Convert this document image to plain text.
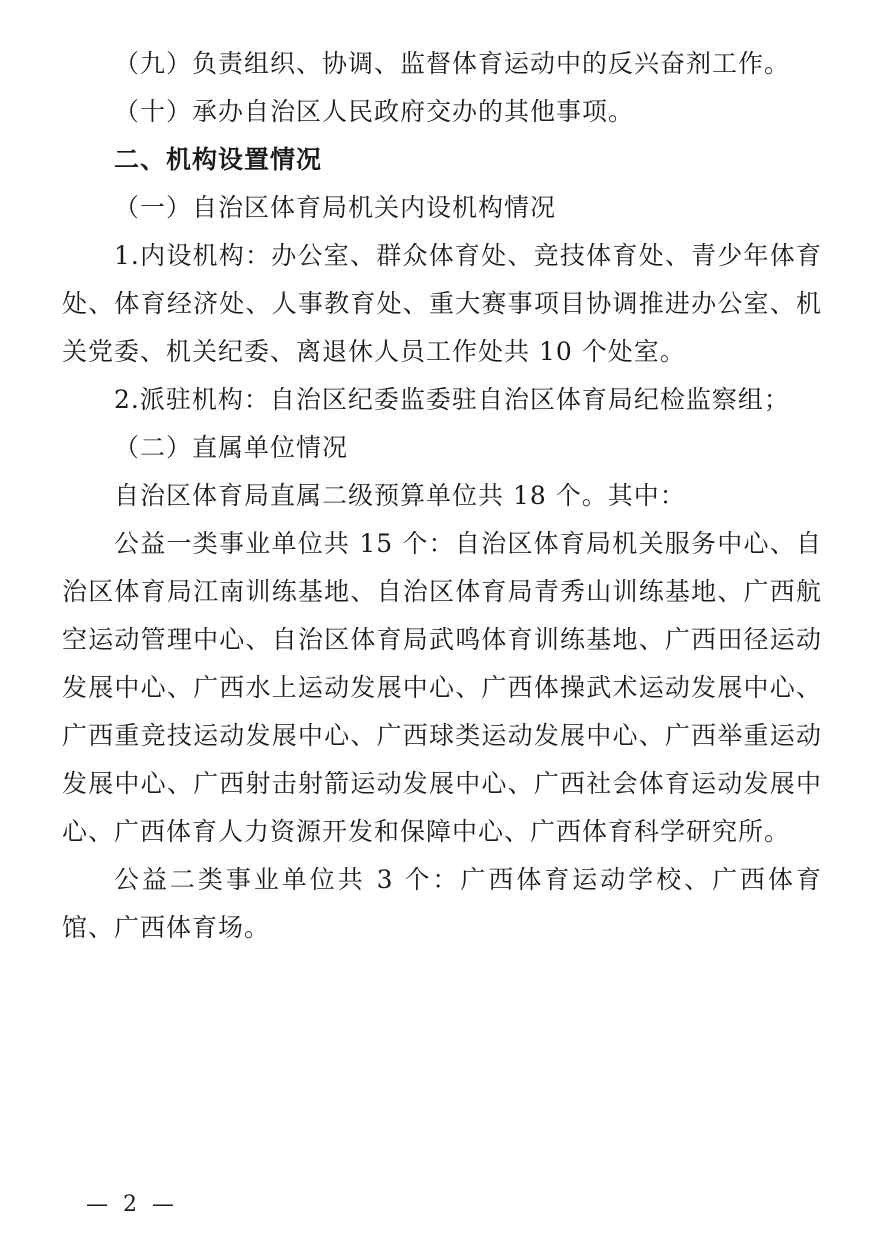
（九）负责组织、协调、监督体育运动中的反兴奋剂工作。

（十）承办自治区人民政府交办的其他事项。

二、机构设置情况

（一）自治区体育局机关内设机构情况

1.内设机构：办公室、群众体育处、竞技体育处、青少年体育处、体育经济处、人事教育处、重大赛事项目协调推进办公室、机关党委、机关纪委、离退休人员工作处共 10 个处室。

2.派驻机构：自治区纪委监委驻自治区体育局纪检监察组；

（二）直属单位情况

自治区体育局直属二级预算单位共 18 个。其中：

公益一类事业单位共 15 个：自治区体育局机关服务中心、自治区体育局江南训练基地、自治区体育局青秀山训练基地、广西航空运动管理中心、自治区体育局武鸣体育训练基地、广西田径运动发展中心、广西水上运动发展中心、广西体操武术运动发展中心、广西重竞技运动发展中心、广西球类运动发展中心、广西举重运动发展中心、广西射击射箭运动发展中心、广西社会体育运动发展中心、广西体育人力资源开发和保障中心、广西体育科学研究所。

公益二类事业单位共 3 个：广西体育运动学校、广西体育馆、广西体育场。

— 2 —
